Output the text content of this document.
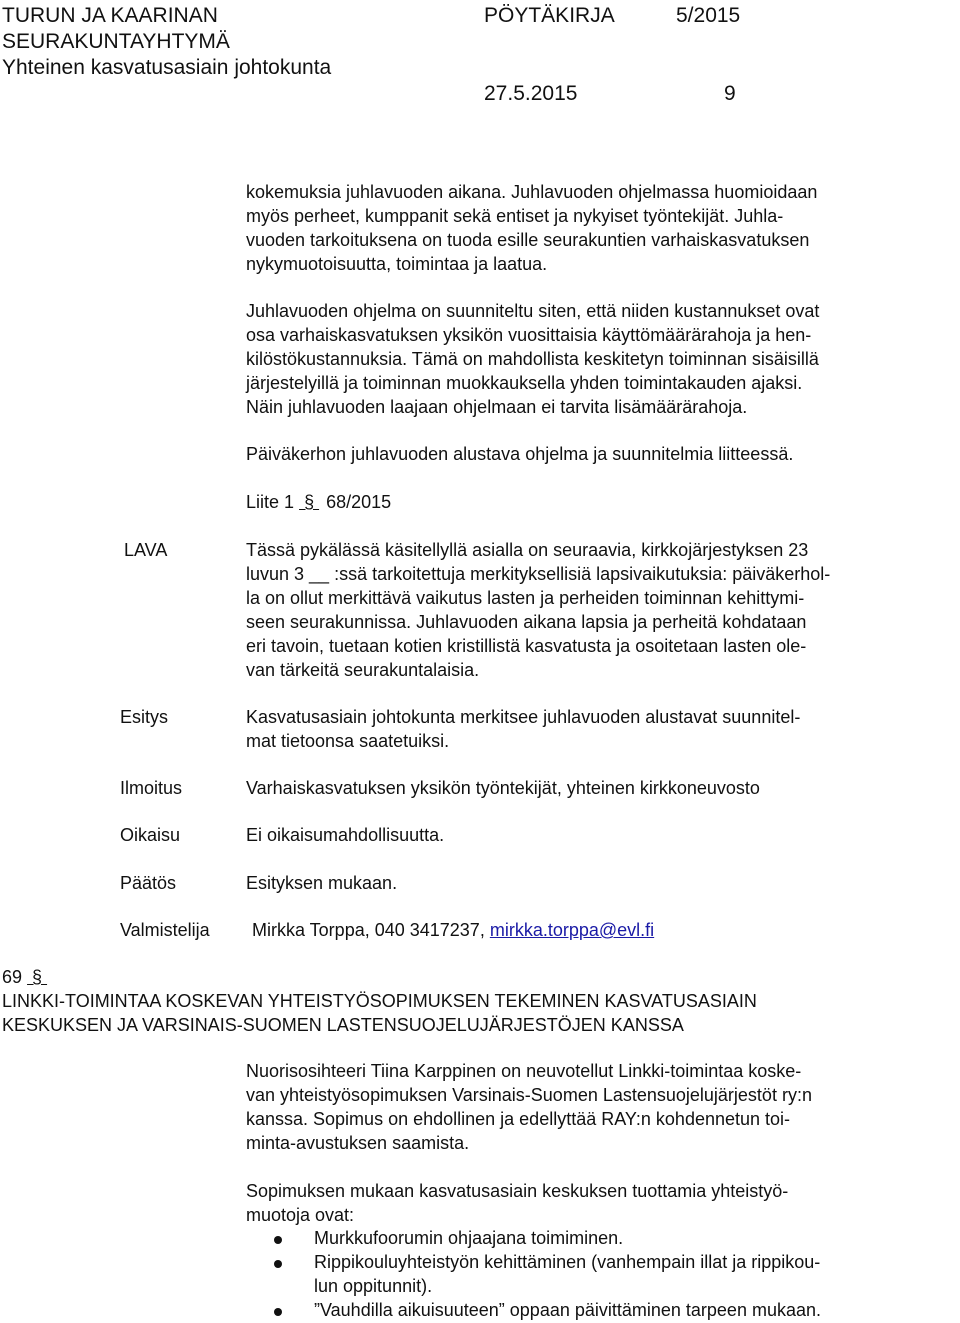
TURUN JA KAARINAN
SEURAKUNTAYHTYMÄ
Yhteinen kasvatusasiain johtokunta
PÖYTÄKIRJA	5/2015
27.5.2015	9
kokemuksia juhlavuoden aikana. Juhlavuoden ohjelmassa huomioidaan
myös perheet, kumppanit sekä entiset ja nykyiset työntekijät. Juhla-
vuoden tarkoituksena on tuoda esille seurakuntien varhaiskasvatuksen
nykymuotoisuutta, toimintaa ja laatua.
Juhlavuoden ohjelma on suunniteltu siten, että niiden kustannukset ovat
osa varhaiskasvatuksen yksikön vuosittaisia käyttömäärärahoja ja hen-
kilöstökustannuksia. Tämä on mahdollista keskitetyn toiminnan sisäisillä
järjestelyillä ja toiminnan muokkauksella yhden toimintakauden ajaksi.
Näin juhlavuoden laajaan ohjelmaan ei tarvita lisämäärärahoja.
Päiväkerhon juhlavuoden alustava ohjelma ja suunnitelmia liitteessä.
Liite 1  §  68/2015
LAVA	Tässä pykälässä käsitellyllä asialla on seuraavia, kirkkojärjestyksen 23
luvun 3 __ :ssä tarkoitettuja merkityksellisiä lapsivaikutuksia: päiväkerhol-
la on ollut merkittävä vaikutus lasten ja perheiden toiminnan kehittymi-
seen seurakunnissa. Juhlavuoden aikana lapsia ja perheitä kohdataan
eri tavoin, tuetaan kotien kristillistä kasvatusta ja osoitetaan lasten ole-
van tärkeitä seurakuntalaisia.
Esitys	Kasvatusasiain johtokunta merkitsee juhlavuoden alustavat suunnitel-
mat tietoonsa saatetuiksi.
Ilmoitus	Varhaiskasvatuksen yksikön työntekijät, yhteinen kirkkoneuvosto
Oikaisu	Ei oikaisumahdollisuutta.
Päätös	Esityksen mukaan.
Valmistelija Mirkka Torppa, 040 3417237, mirkka.torppa@evl.fi
69  §
LINKKI-TOIMINTAA KOSKEVAN YHTEISTYÖSOPIMUKSEN TEKEMINEN KASVATUSASIAIN
KESKUKSEN JA VARSINAIS-SUOMEN LASTENSUOJELUJÄRJESTÖJEN KANSSA
Nuorisosihteeri Tiina Karppinen on neuvotellut Linkki-toimintaa koske-
van yhteistyösopimuksen Varsinais-Suomen Lastensuojelujärjestöt ry:n
kanssa. Sopimus on ehdollinen ja edellyttää RAY:n kohdennetun toi-
minta-avustuksen saamista.
Sopimuksen mukaan kasvatusasiain keskuksen tuottamia yhteistyö-
muotoja ovat:
Murkkufoorumin ohjaajana toimiminen.
Rippikouluyhteistyön kehittäminen (vanhempain illat ja rippikou-
lun oppitunnit).
”Vauhdilla aikuisuuteen” oppaan päivittäminen tarpeen mukaan.
